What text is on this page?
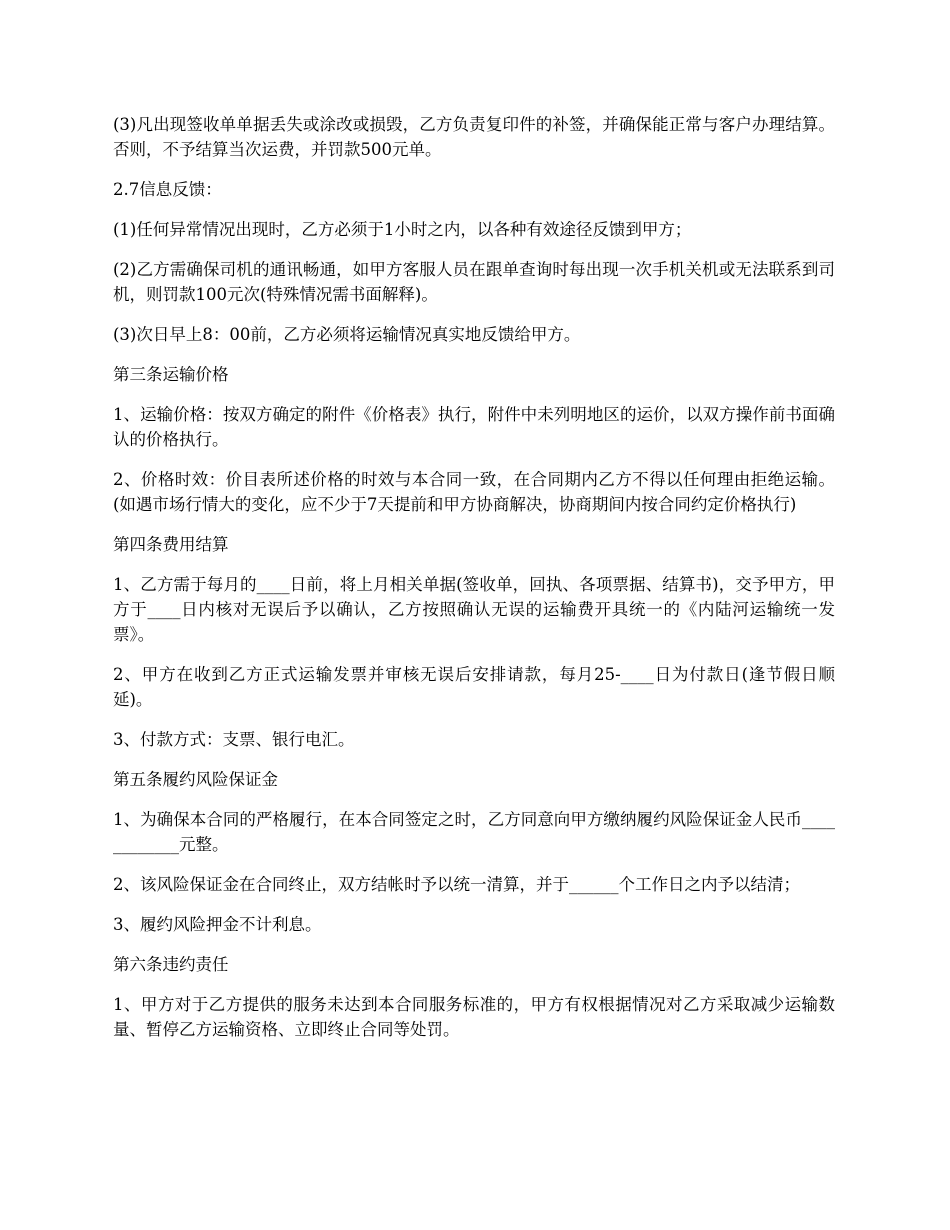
(3)凡出现签收单单据丢失或涂改或损毁，乙方负责复印件的补签，并确保能正常与客户办理结算。否则，不予结算当次运费，并罚款500元单。

2.7信息反馈：

(1)任何异常情况出现时，乙方必须于1小时之内，以各种有效途径反馈到甲方；

(2)乙方需确保司机的通讯畅通，如甲方客服人员在跟单查询时每出现一次手机关机或无法联系到司机，则罚款100元次(特殊情况需书面解释)。

(3)次日早上8：00前，乙方必须将运输情况真实地反馈给甲方。

第三条运输价格

1、运输价格：按双方确定的附件《价格表》执行，附件中未列明地区的运价，以双方操作前书面确认的价格执行。

2、价格时效：价目表所述价格的时效与本合同一致，在合同期内乙方不得以任何理由拒绝运输。(如遇市场行情大的变化，应不少于7天提前和甲方协商解决，协商期间内按合同约定价格执行)

第四条费用结算

1、乙方需于每月的____日前，将上月相关单据(签收单，回执、各项票据、结算书)，交予甲方，甲方于____日内核对无误后予以确认，乙方按照确认无误的运输费开具统一的《内陆河运输统一发票》。

2、甲方在收到乙方正式运输发票并审核无误后安排请款，每月25-____日为付款日(逢节假日顺延)。

3、付款方式：支票、银行电汇。

第五条履约风险保证金

1、为确保本合同的严格履行，在本合同签定之时，乙方同意向甲方缴纳履约风险保证金人民币____________元整。

2、该风险保证金在合同终止，双方结帐时予以统一清算，并于______个工作日之内予以结清；

3、履约风险押金不计利息。

第六条违约责任

1、甲方对于乙方提供的服务未达到本合同服务标准的，甲方有权根据情况对乙方采取减少运输数量、暂停乙方运输资格、立即终止合同等处罚。
